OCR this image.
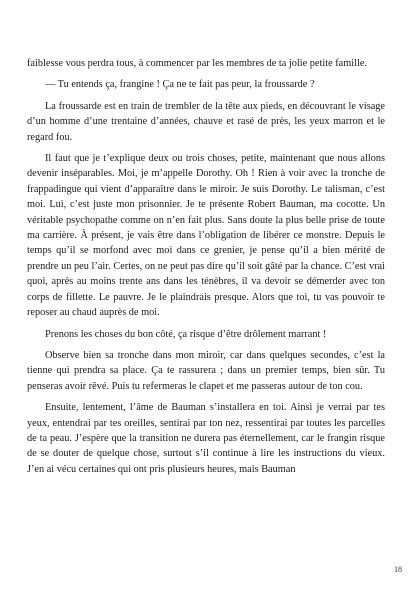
faiblesse vous perdra tous, à commencer par les membres de ta jolie petite famille.

— Tu entends ça, frangine ! Ça ne te fait pas peur, la froussarde ?

La froussarde est en train de trembler de la tête aux pieds, en découvrant le visage d’un homme d’une trentaine d’années, chauve et rasé de près, les yeux marron et le regard fou.

Il faut que je t’explique deux ou trois choses, petite, maintenant que nous allons devenir inséparables. Moi, je m’appelle Dorothy. Oh ! Rien à voir avec la tronche de frappadingue qui vient d’apparaître dans le miroir. Je suis Dorothy. Le talisman, c’est moi. Lui, c’est juste mon prisonnier. Je te présente Robert Bauman, ma cocotte. Un véritable psychopathe comme on n’en fait plus. Sans doute la plus belle prise de toute ma carrière. À présent, je vais être dans l’obligation de libérer ce monstre. Depuis le temps qu’il se morfond avec moi dans ce grenier, je pense qu’il a bien mérité de prendre un peu l’air. Certes, on ne peut pas dire qu’il soit gâté par la chance. C’est vrai quoi, après au moins trente ans dans les ténèbres, il va devoir se démerder avec ton corps de fillette. Le pauvre. Je le plaindrais presque. Alors que toi, tu vas pouvoir te reposer au chaud auprès de moi.

Prenons les choses du bon côté, ça risque d’être drôlement marrant !

Observe bien sa tronche dans mon miroir, car dans quelques secondes, c’est la tienne qui prendra sa place. Ça te rassurera ; dans un premier temps, bien sûr. Tu penseras avoir rêvé. Puis tu refermeras le clapet et me passeras autour de ton cou.

Ensuite, lentement, l’âme de Bauman s’installera en toi. Ainsi je verrai par tes yeux, entendrai par tes oreilles, sentirai par ton nez, ressentirai par toutes les parcelles de ta peau. J’espère que la transition ne durera pas éternellement, car le frangin risque de se douter de quelque chose, surtout s’il continue à lire les instructions du vieux. J’en ai vécu certaines qui ont pris plusieurs heures, mais Bauman

18
